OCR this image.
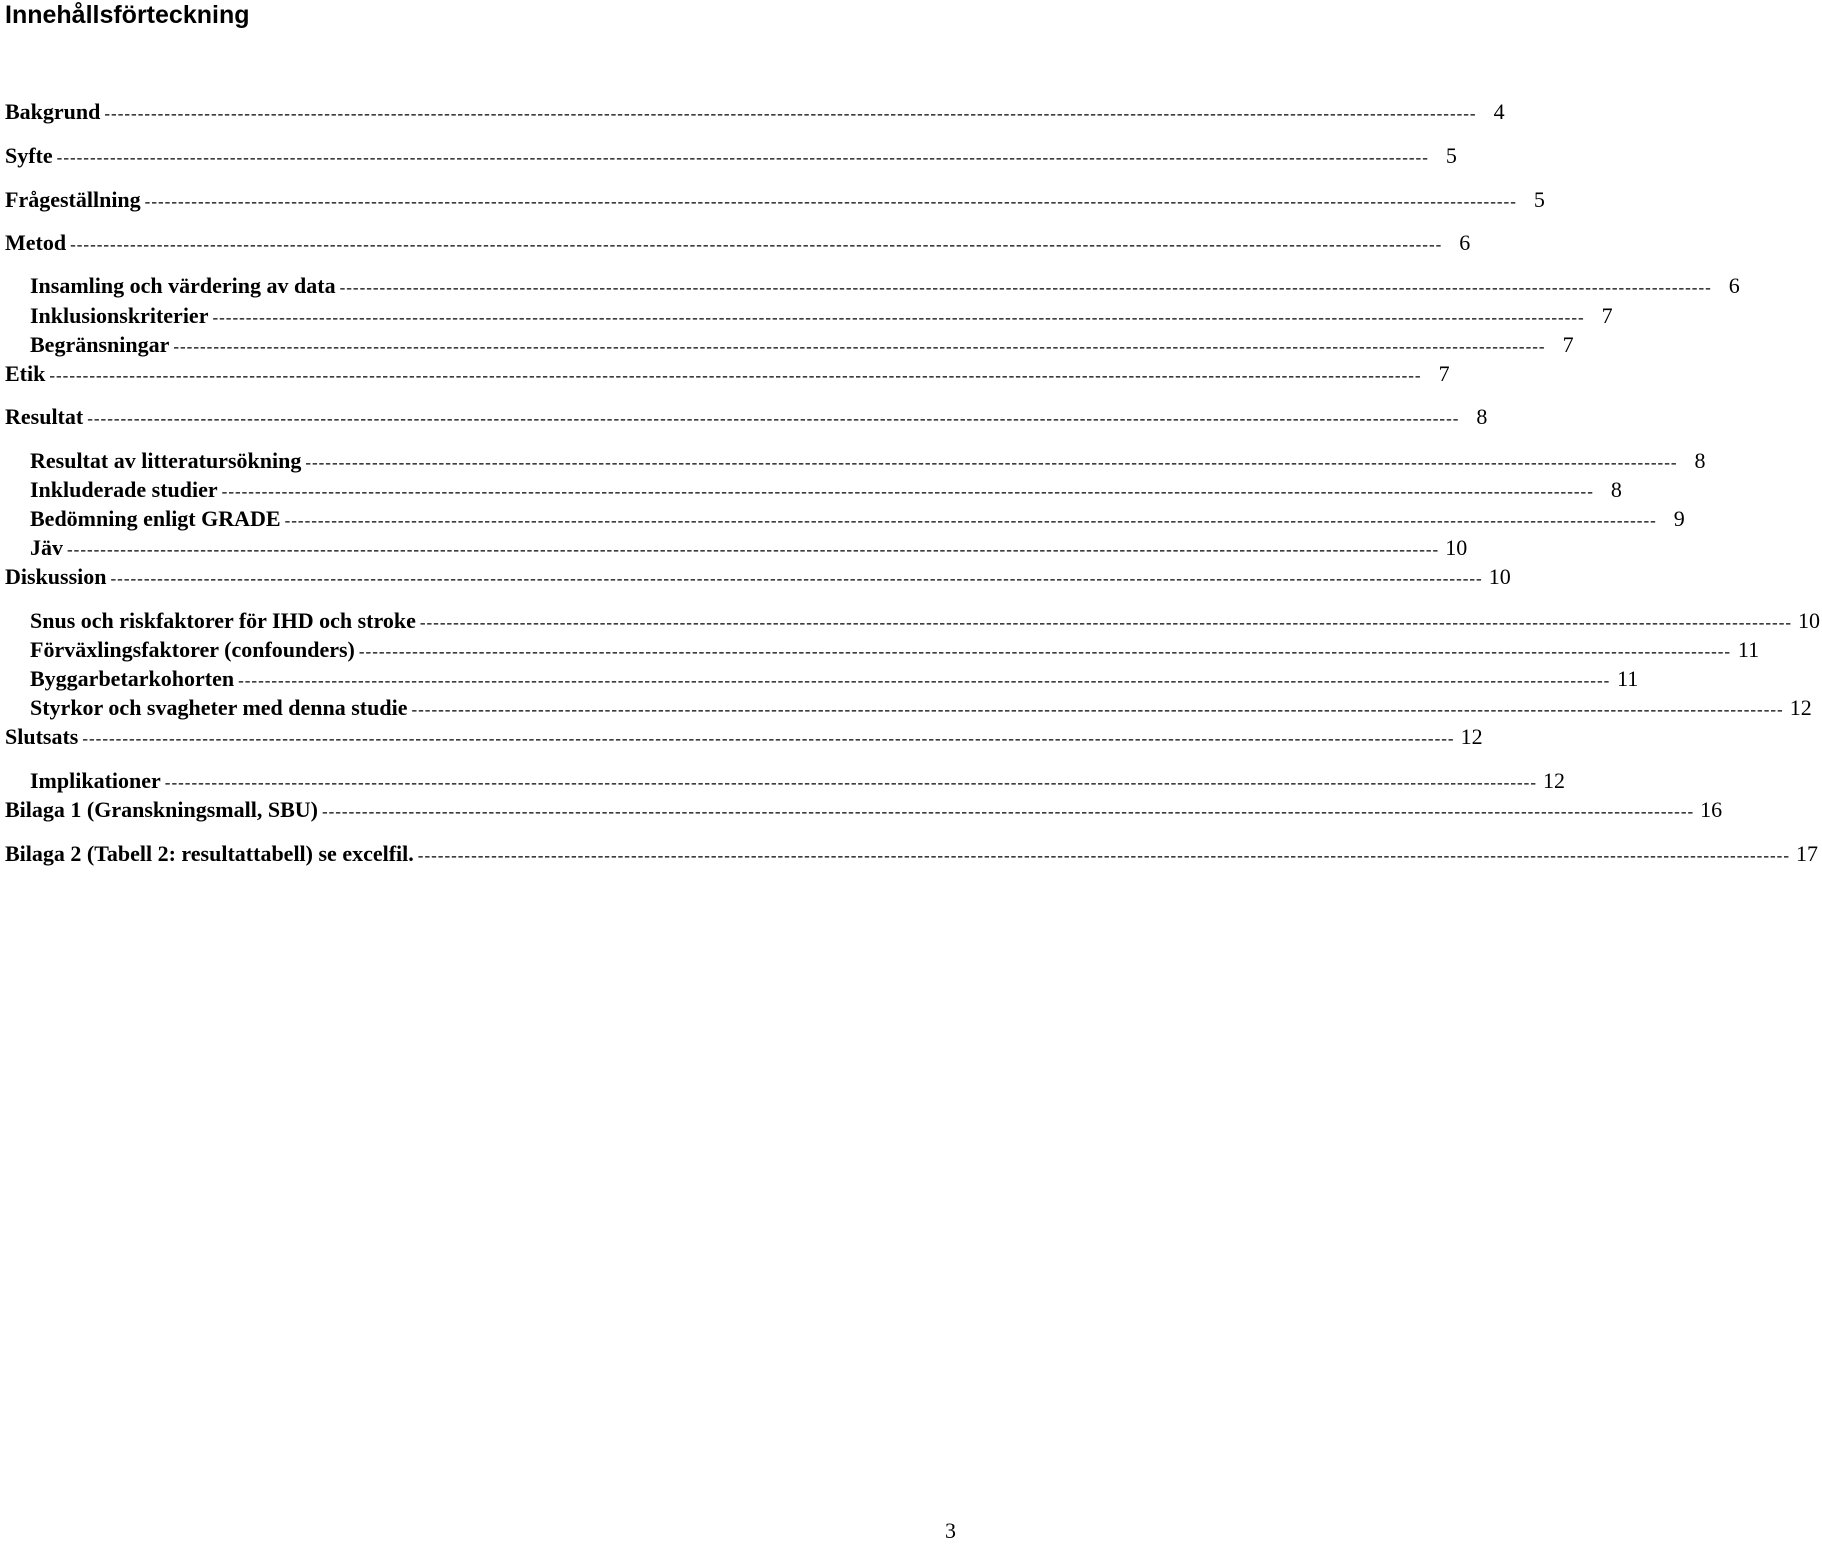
Innehållsförteckning
Bakgrund -------------------------------------------------------------------------------------------------------------------------------------------------------------------------------------------------------------- 4
Syfte -------------------------------------------------------------------------------------------------------------------------------------------------------------------------------------------------------------- 5
Frågeställning -------------------------------------------------------------------------------------------------------------------------------------------------------------------------------------------------------------- 5
Metod -------------------------------------------------------------------------------------------------------------------------------------------------------------------------------------------------------------- 6
Insamling och värdering av data -------------------------------------------------------------------------------------------------------------------------------------------------------------------------------------------------------------- 6
Inklusionskriterier -------------------------------------------------------------------------------------------------------------------------------------------------------------------------------------------------------------- 7
Begränsningar -------------------------------------------------------------------------------------------------------------------------------------------------------------------------------------------------------------- 7
Etik -------------------------------------------------------------------------------------------------------------------------------------------------------------------------------------------------------------- 7
Resultat -------------------------------------------------------------------------------------------------------------------------------------------------------------------------------------------------------------- 8
Resultat av litteratursökning -------------------------------------------------------------------------------------------------------------------------------------------------------------------------------------------------------------- 8
Inkluderade studier -------------------------------------------------------------------------------------------------------------------------------------------------------------------------------------------------------------- 8
Bedömning enligt GRADE -------------------------------------------------------------------------------------------------------------------------------------------------------------------------------------------------------------- 9
Jäv -------------------------------------------------------------------------------------------------------------------------------------------------------------------------------------------------------------- 10
Diskussion -------------------------------------------------------------------------------------------------------------------------------------------------------------------------------------------------------------- 10
Snus och riskfaktorer för IHD och stroke -------------------------------------------------------------------------------------------------------------------------------------------------------------------------------------------------------------- 10
Förväxlingsfaktorer (confounders) -------------------------------------------------------------------------------------------------------------------------------------------------------------------------------------------------------------- 11
Byggarbetarkohorten -------------------------------------------------------------------------------------------------------------------------------------------------------------------------------------------------------------- 11
Styrkor och svagheter med denna studie -------------------------------------------------------------------------------------------------------------------------------------------------------------------------------------------------------------- 12
Slutsats -------------------------------------------------------------------------------------------------------------------------------------------------------------------------------------------------------------- 12
Implikationer -------------------------------------------------------------------------------------------------------------------------------------------------------------------------------------------------------------- 12
Bilaga 1 (Granskningsmall, SBU) -------------------------------------------------------------------------------------------------------------------------------------------------------------------------------------------------------------- 16
Bilaga 2 (Tabell 2: resultattabell) se excelfil. -------------------------------------------------------------------------------------------------------------------------------------------------------------------------------------------------------------- 17
3
